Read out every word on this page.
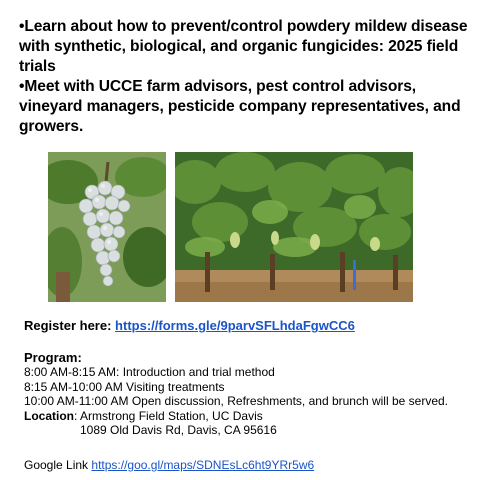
•Learn about how to prevent/control powdery mildew disease with synthetic, biological, and organic fungicides: 2025 field trials

•Meet with UCCE farm advisors, pest control advisors, vineyard managers, pesticide company representatives, and growers.

Register here: https://forms.gle/9parvSFLhdaFgwCC6
Program:
8:00 AM-8:15 AM: Introduction and trial method
8:15 AM-10:00 AM Visiting treatments
10:00 AM-11:00 AM Open discussion, Refreshments, and brunch will be served.
Location: Armstrong Field Station, UC Davis
1089 Old Davis Rd, Davis, CA 95616
Google Link https://goo.gl/maps/SDNEsLc6ht9YRr5w6
